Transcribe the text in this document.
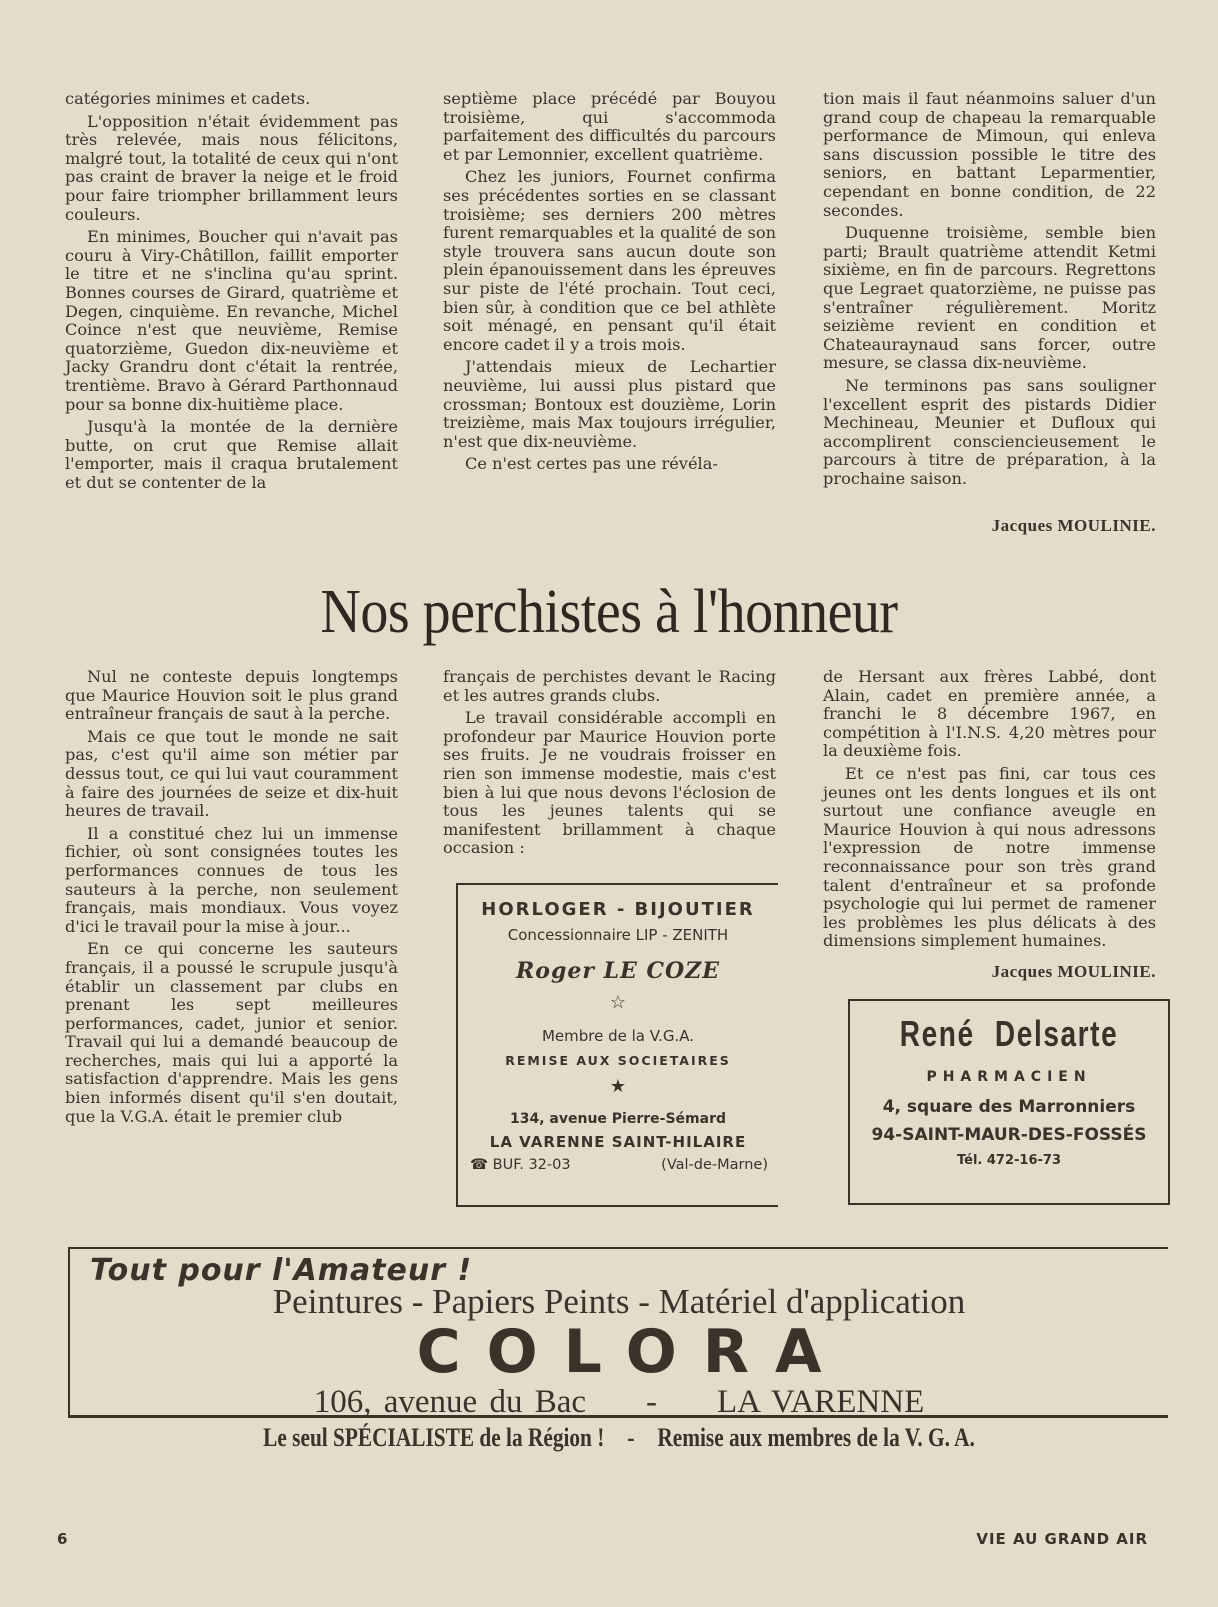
catégories minimes et cadets.

L'opposition n'était évidemment pas très relevée, mais nous félicitons, malgré tout, la totalité de ceux qui n'ont pas craint de braver la neige et le froid pour faire triompher brillamment leurs couleurs.

En minimes, Boucher qui n'avait pas couru à Viry-Châtillon, faillit emporter le titre et ne s'inclina qu'au sprint. Bonnes courses de Girard, quatrième et Degen, cinquième. En revanche, Michel Coince n'est que neuvième, Remise quatorzième, Guedon dix-neuvième et Jacky Grandru dont c'était la rentrée, trentième. Bravo à Gérard Parthonnaud pour sa bonne dix-huitième place.

Jusqu'à la montée de la dernière butte, on crut que Remise allait l'emporter, mais il craqua brutalement et dut se contenter de la

septième place précédé par Bouyou troisième, qui s'accommoda parfaitement des difficultés du parcours et par Lemonnier, excellent quatrième.

Chez les juniors, Fournet confirma ses précédentes sorties en se classant troisième; ses derniers 200 mètres furent remarquables et la qualité de son style trouvera sans aucun doute son plein épanouissement dans les épreuves sur piste de l'été prochain. Tout ceci, bien sûr, à condition que ce bel athlète soit ménagé, en pensant qu'il était encore cadet il y a trois mois.

J'attendais mieux de Lechartier neuvième, lui aussi plus pistard que crossman; Bontoux est douzième, Lorin treizième, mais Max toujours irrégulier, n'est que dix-neuvième.

Ce n'est certes pas une révéla-

tion mais il faut néanmoins saluer d'un grand coup de chapeau la remarquable performance de Mimoun, qui enleva sans discussion possible le titre des seniors, en battant Leparmentier, cependant en bonne condition, de 22 secondes.

Duquenne troisième, semble bien parti; Brault quatrième attendit Ketmi sixième, en fin de parcours. Regrettons que Legraet quatorzième, ne puisse pas s'entraîner régulièrement. Moritz seizième revient en condition et Chateauraynaud sans forcer, outre mesure, se classa dix-neuvième.

Ne terminons pas sans souligner l'excellent esprit des pistards Didier Mechineau, Meunier et Dufloux qui accomplirent consciencieusement le parcours à titre de préparation, à la prochaine saison.

Jacques MOULINIE.
Nos perchistes à l'honneur

Nul ne conteste depuis longtemps que Maurice Houvion soit le plus grand entraîneur français de saut à la perche.

Mais ce que tout le monde ne sait pas, c'est qu'il aime son métier par dessus tout, ce qui lui vaut couramment à faire des journées de seize et dix-huit heures de travail.

Il a constitué chez lui un immense fichier, où sont consignées toutes les performances connues de tous les sauteurs à la perche, non seulement français, mais mondiaux. Vous voyez d'ici le travail pour la mise à jour...

En ce qui concerne les sauteurs français, il a poussé le scrupule jusqu'à établir un classement par clubs en prenant les sept meilleures performances, cadet, junior et senior. Travail qui lui a demandé beaucoup de recherches, mais qui lui a apporté la satisfaction d'apprendre. Mais les gens bien informés disent qu'il s'en doutait, que la V.G.A. était le premier club

français de perchistes devant le Racing et les autres grands clubs.

Le travail considérable accompli en profondeur par Maurice Houvion porte ses fruits. Je ne voudrais froisser en rien son immense modestie, mais c'est bien à lui que nous devons l'éclosion de tous les jeunes talents qui se manifestent brillamment à chaque occasion :

de Hersant aux frères Labbé, dont Alain, cadet en première année, a franchi le 8 décembre 1967, en compétition à l'I.N.S. 4,20 mètres pour la deuxième fois.

Et ce n'est pas fini, car tous ces jeunes ont les dents longues et ils ont surtout une confiance aveugle en Maurice Houvion à qui nous adressons l'expression de notre immense reconnaissance pour son très grand talent d'entraîneur et sa profonde psychologie qui lui permet de ramener les problèmes les plus délicats à des dimensions simplement humaines.

Jacques MOULINIE.
HORLOGER - BIJOUTIER
Concessionnaire LIP - ZENITH
Roger LE COZE
☆
Membre de la V.G.A.
REMISE AUX SOCIETAIRES
★
134, avenue Pierre-Sémard
LA VARENNE SAINT-HILAIRE
☎ BUF. 32-03	(Val-de-Marne)
René Delsarte
PHARMACIEN
4, square des Marronniers
94-SAINT-MAUR-DES-FOSSÉS
Tél. 472-16-73
Tout pour l'Amateur !
Peintures - Papiers Peints - Matériel d'application
COLORA
106, avenue du Bac - LA VARENNE
Le seul SPÉCIALISTE de la Région ! - Remise aux membres de la V. G. A.
6	VIE AU GRAND AIR
